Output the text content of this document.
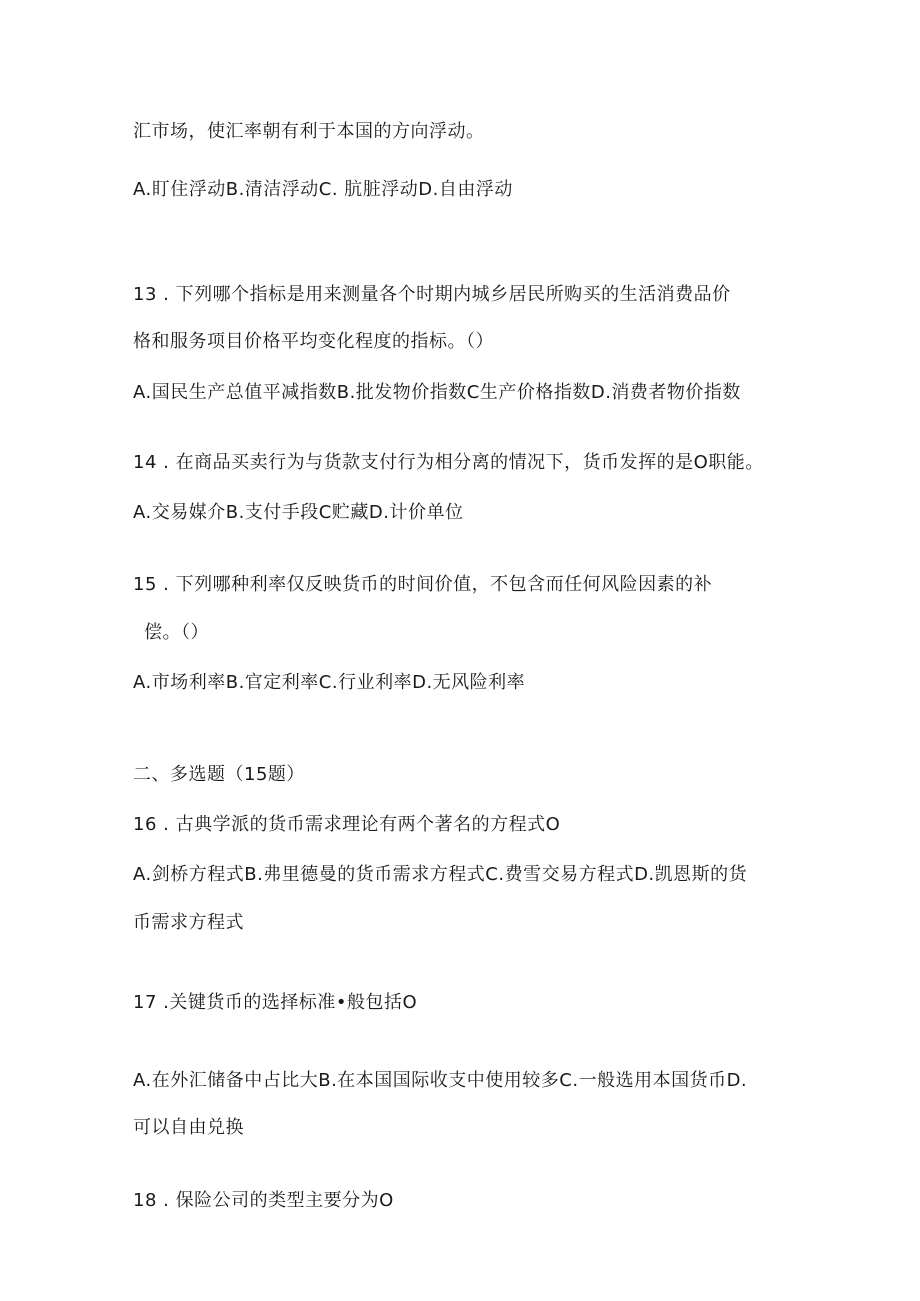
汇市场，使汇率朝有利于本国的方向浮动。
A.盯住浮动B.清洁浮动C. 肮脏浮动D.自由浮动
13 . 下列哪个指标是用来测量各个时期内城乡居民所购买的生活消费品价
格和服务项目价格平均变化程度的指标。（）
A.国民生产总值平减指数B.批发物价指数C生产价格指数D.消费者物价指数
14 . 在商品买卖行为与货款支付行为相分离的情况下，货币发挥的是O职能。
A.交易媒介B.支付手段C贮藏D.计价单位
15 . 下列哪种利率仅反映货币的时间价值，不包含而任何风险因素的补
偿。（）
A.市场利率B.官定利率C.行业利率D.无风险利率
二、多选题（15题）
16 . 古典学派的货币需求理论有两个著名的方程式O
A.剑桥方程式B.弗里德曼的货币需求方程式C.费雪交易方程式D.凯恩斯的货
币需求方程式
17 .关键货币的选择标准•般包括O
A.在外汇储备中占比大B.在本国国际收支中使用较多C.一般选用本国货币D.
可以自由兑换
18 . 保险公司的类型主要分为O
